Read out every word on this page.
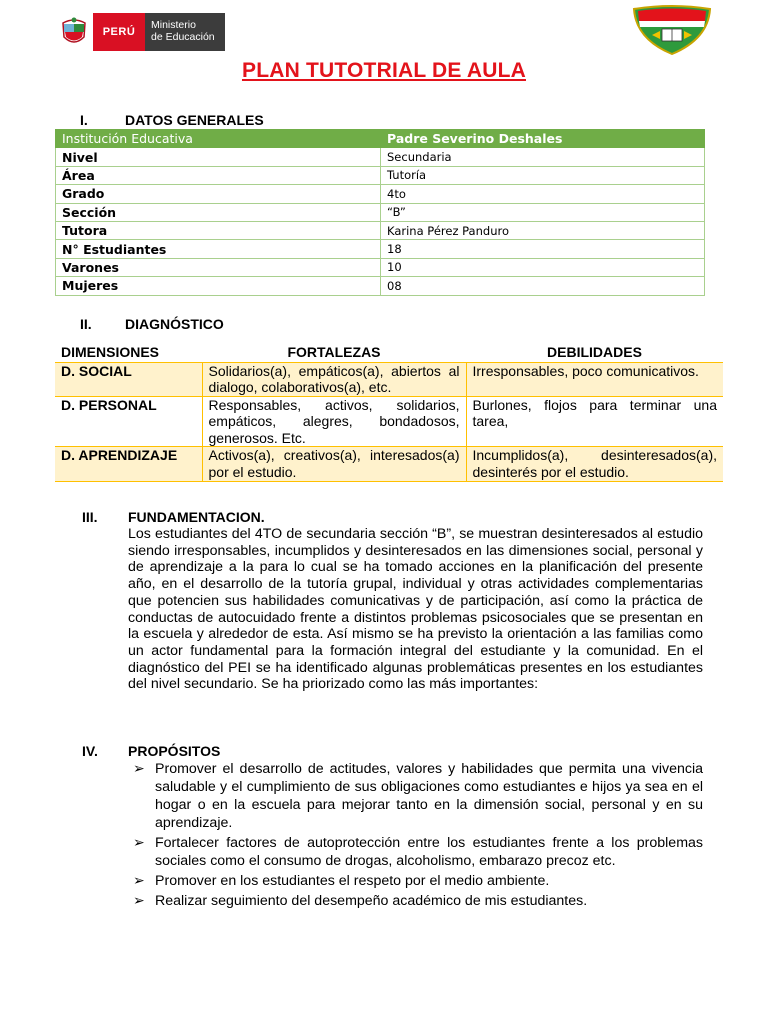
PERÚ
Ministerio
de Educación
PLAN TUTOTRIAL DE AULA
I.	DATOS GENERALES
Institución Educativa	Padre Severino Deshales
Nivel	Secundaria
Área	Tutoría
Grado	4to
Sección	“B”
Tutora	Karina Pérez Panduro
N° Estudiantes	18
Varones	10
Mujeres	08
II. DIAGNÓSTICO
DIMENSIONES	FORTALEZAS	DEBILIDADES
D. SOCIAL	Solidarios(a), empáticos(a), abiertos al dialogo, colaborativos(a), etc.	Irresponsables, poco comunicativos.
D. PERSONAL	Responsables, activos, solidarios, empáticos, alegres, bondadosos, generosos. Etc.	Burlones, flojos para terminar una tarea,
D. APRENDIZAJE	Activos(a), creativos(a), interesados(a) por el estudio.	Incumplidos(a), desinteresados(a), desinterés por el estudio.
III. FUNDAMENTACION.

Los estudiantes del 4TO de secundaria sección “B”, se muestran desinteresados al estudio siendo irresponsables, incumplidos y desinteresados en las dimensiones social, personal y de aprendizaje a la para lo cual se ha tomado acciones en la planificación del presente año, en el desarrollo de la tutoría grupal, individual y otras actividades complementarias que potencien sus habilidades comunicativas y de participación, así como la práctica de conductas de autocuidado frente a distintos problemas psicosociales que se presentan en la escuela y alrededor de esta. Así mismo se ha previsto la orientación a las familias como un actor fundamental para la formación integral del estudiante y la comunidad. En el diagnóstico del PEI se ha identificado algunas problemáticas presentes en los estudiantes del nivel secundario. Se ha priorizado como las más importantes:

IV. PROPÓSITOS
➢ Promover el desarrollo de actitudes, valores y habilidades que permita una vivencia saludable y el cumplimiento de sus obligaciones como estudiantes e hijos ya sea en el hogar o en la escuela para mejorar tanto en la dimensión social, personal y en su aprendizaje.
➢ Fortalecer factores de autoprotección entre los estudiantes frente a los problemas sociales como el consumo de drogas, alcoholismo, embarazo precoz etc.
➢ Promover en los estudiantes el respeto por el medio ambiente.
➢ Realizar seguimiento del desempeño académico de mis estudiantes.
